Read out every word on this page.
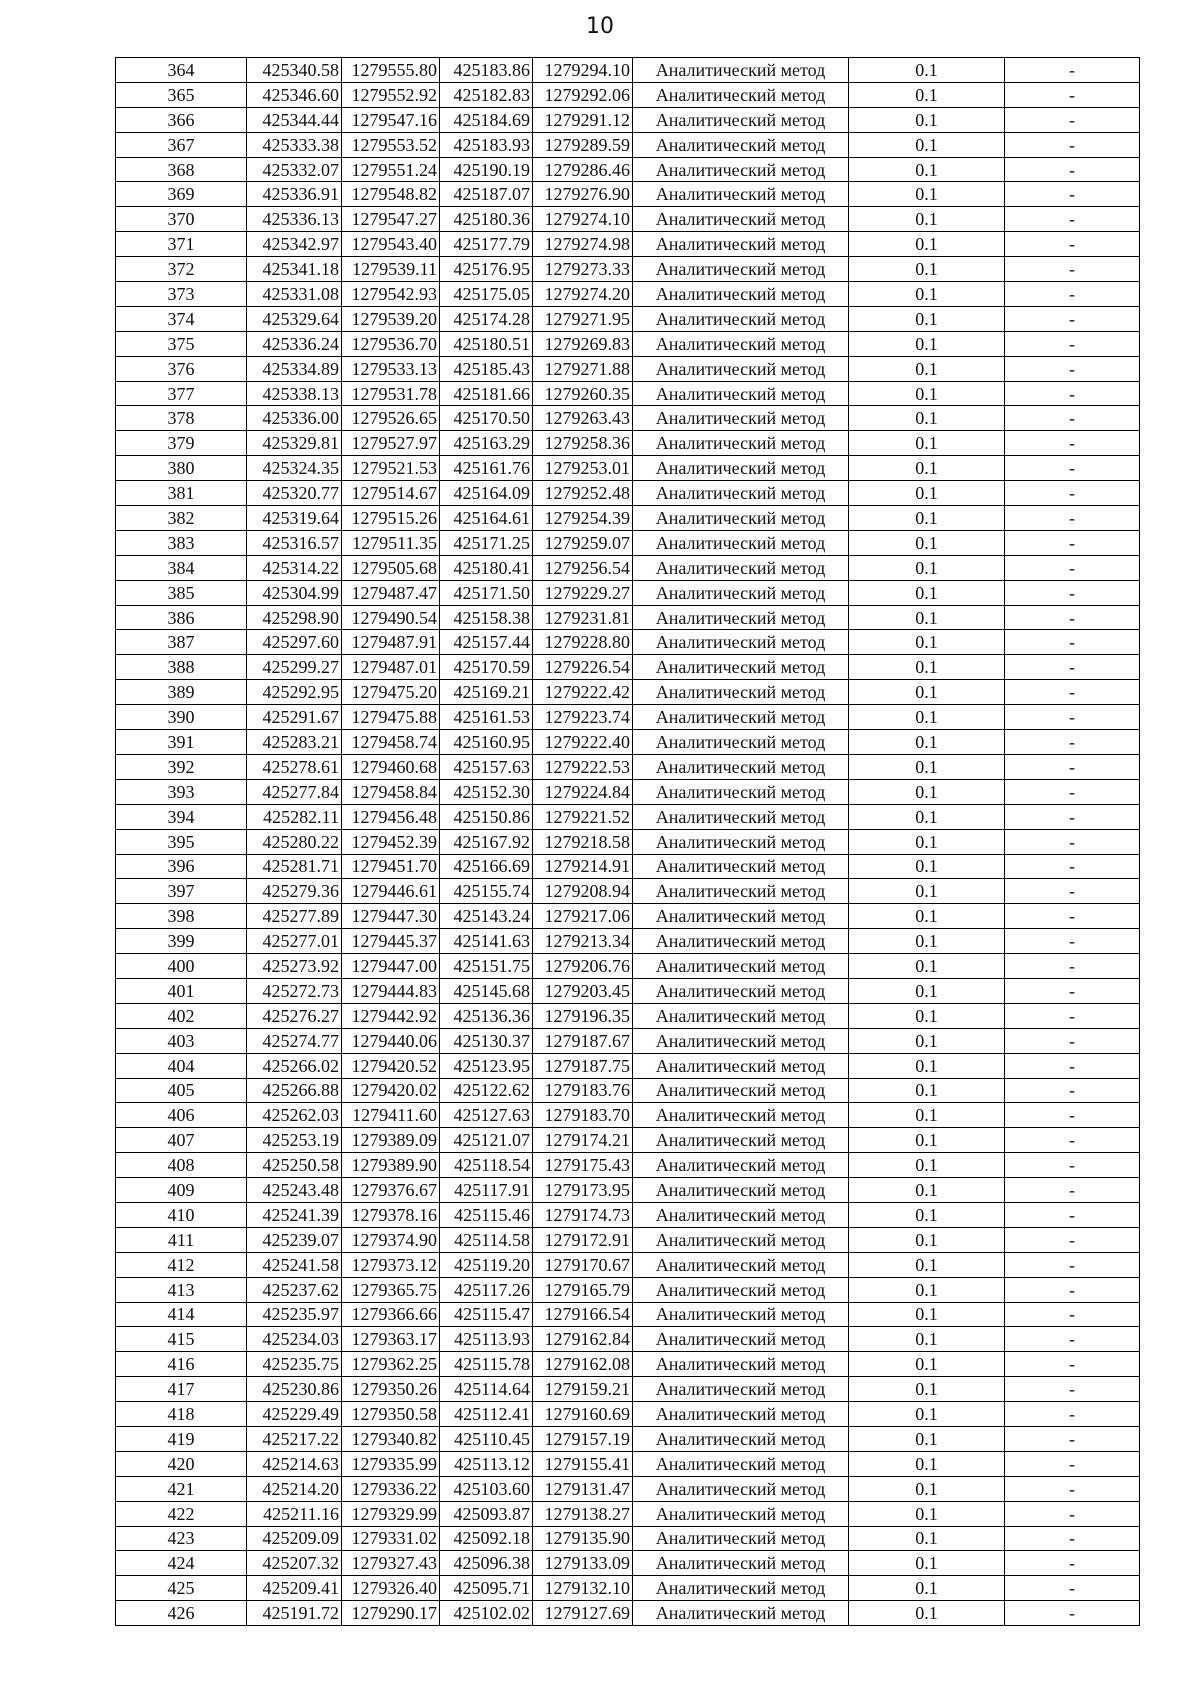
10
364	425340.58	1279555.80	425183.86	1279294.10	Аналитический метод	0.1	-
365	425346.60	1279552.92	425182.83	1279292.06	Аналитический метод	0.1	-
366	425344.44	1279547.16	425184.69	1279291.12	Аналитический метод	0.1	-
367	425333.38	1279553.52	425183.93	1279289.59	Аналитический метод	0.1	-
368	425332.07	1279551.24	425190.19	1279286.46	Аналитический метод	0.1	-
369	425336.91	1279548.82	425187.07	1279276.90	Аналитический метод	0.1	-
370	425336.13	1279547.27	425180.36	1279274.10	Аналитический метод	0.1	-
371	425342.97	1279543.40	425177.79	1279274.98	Аналитический метод	0.1	-
372	425341.18	1279539.11	425176.95	1279273.33	Аналитический метод	0.1	-
373	425331.08	1279542.93	425175.05	1279274.20	Аналитический метод	0.1	-
374	425329.64	1279539.20	425174.28	1279271.95	Аналитический метод	0.1	-
375	425336.24	1279536.70	425180.51	1279269.83	Аналитический метод	0.1	-
376	425334.89	1279533.13	425185.43	1279271.88	Аналитический метод	0.1	-
377	425338.13	1279531.78	425181.66	1279260.35	Аналитический метод	0.1	-
378	425336.00	1279526.65	425170.50	1279263.43	Аналитический метод	0.1	-
379	425329.81	1279527.97	425163.29	1279258.36	Аналитический метод	0.1	-
380	425324.35	1279521.53	425161.76	1279253.01	Аналитический метод	0.1	-
381	425320.77	1279514.67	425164.09	1279252.48	Аналитический метод	0.1	-
382	425319.64	1279515.26	425164.61	1279254.39	Аналитический метод	0.1	-
383	425316.57	1279511.35	425171.25	1279259.07	Аналитический метод	0.1	-
384	425314.22	1279505.68	425180.41	1279256.54	Аналитический метод	0.1	-
385	425304.99	1279487.47	425171.50	1279229.27	Аналитический метод	0.1	-
386	425298.90	1279490.54	425158.38	1279231.81	Аналитический метод	0.1	-
387	425297.60	1279487.91	425157.44	1279228.80	Аналитический метод	0.1	-
388	425299.27	1279487.01	425170.59	1279226.54	Аналитический метод	0.1	-
389	425292.95	1279475.20	425169.21	1279222.42	Аналитический метод	0.1	-
390	425291.67	1279475.88	425161.53	1279223.74	Аналитический метод	0.1	-
391	425283.21	1279458.74	425160.95	1279222.40	Аналитический метод	0.1	-
392	425278.61	1279460.68	425157.63	1279222.53	Аналитический метод	0.1	-
393	425277.84	1279458.84	425152.30	1279224.84	Аналитический метод	0.1	-
394	425282.11	1279456.48	425150.86	1279221.52	Аналитический метод	0.1	-
395	425280.22	1279452.39	425167.92	1279218.58	Аналитический метод	0.1	-
396	425281.71	1279451.70	425166.69	1279214.91	Аналитический метод	0.1	-
397	425279.36	1279446.61	425155.74	1279208.94	Аналитический метод	0.1	-
398	425277.89	1279447.30	425143.24	1279217.06	Аналитический метод	0.1	-
399	425277.01	1279445.37	425141.63	1279213.34	Аналитический метод	0.1	-
400	425273.92	1279447.00	425151.75	1279206.76	Аналитический метод	0.1	-
401	425272.73	1279444.83	425145.68	1279203.45	Аналитический метод	0.1	-
402	425276.27	1279442.92	425136.36	1279196.35	Аналитический метод	0.1	-
403	425274.77	1279440.06	425130.37	1279187.67	Аналитический метод	0.1	-
404	425266.02	1279420.52	425123.95	1279187.75	Аналитический метод	0.1	-
405	425266.88	1279420.02	425122.62	1279183.76	Аналитический метод	0.1	-
406	425262.03	1279411.60	425127.63	1279183.70	Аналитический метод	0.1	-
407	425253.19	1279389.09	425121.07	1279174.21	Аналитический метод	0.1	-
408	425250.58	1279389.90	425118.54	1279175.43	Аналитический метод	0.1	-
409	425243.48	1279376.67	425117.91	1279173.95	Аналитический метод	0.1	-
410	425241.39	1279378.16	425115.46	1279174.73	Аналитический метод	0.1	-
411	425239.07	1279374.90	425114.58	1279172.91	Аналитический метод	0.1	-
412	425241.58	1279373.12	425119.20	1279170.67	Аналитический метод	0.1	-
413	425237.62	1279365.75	425117.26	1279165.79	Аналитический метод	0.1	-
414	425235.97	1279366.66	425115.47	1279166.54	Аналитический метод	0.1	-
415	425234.03	1279363.17	425113.93	1279162.84	Аналитический метод	0.1	-
416	425235.75	1279362.25	425115.78	1279162.08	Аналитический метод	0.1	-
417	425230.86	1279350.26	425114.64	1279159.21	Аналитический метод	0.1	-
418	425229.49	1279350.58	425112.41	1279160.69	Аналитический метод	0.1	-
419	425217.22	1279340.82	425110.45	1279157.19	Аналитический метод	0.1	-
420	425214.63	1279335.99	425113.12	1279155.41	Аналитический метод	0.1	-
421	425214.20	1279336.22	425103.60	1279131.47	Аналитический метод	0.1	-
422	425211.16	1279329.99	425093.87	1279138.27	Аналитический метод	0.1	-
423	425209.09	1279331.02	425092.18	1279135.90	Аналитический метод	0.1	-
424	425207.32	1279327.43	425096.38	1279133.09	Аналитический метод	0.1	-
425	425209.41	1279326.40	425095.71	1279132.10	Аналитический метод	0.1	-
426	425191.72	1279290.17	425102.02	1279127.69	Аналитический метод	0.1	-
